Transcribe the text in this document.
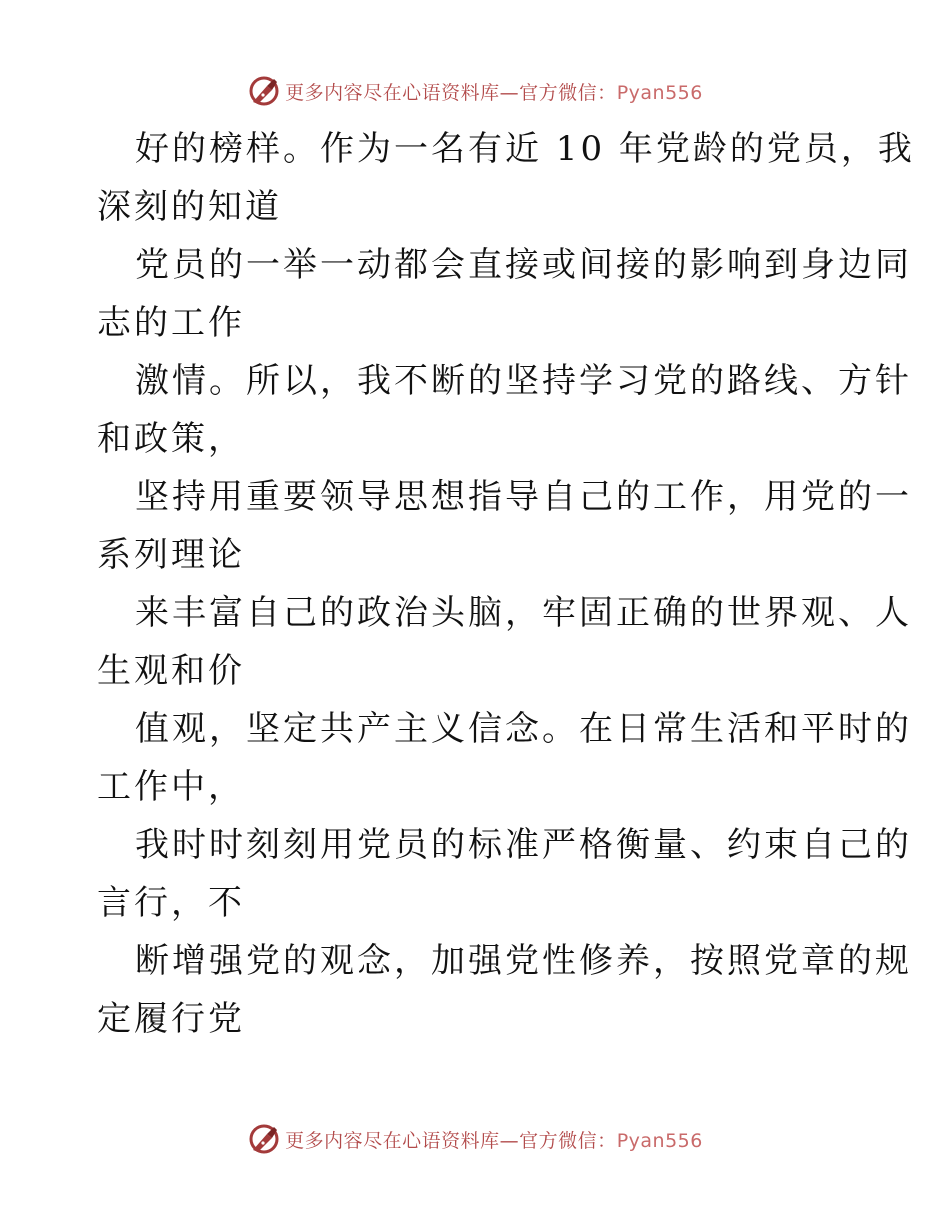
更多内容尽在心语资料库—官方微信：Pyan556
好的榜样。作为一名有近 10 年党龄的党员，我
深刻的知道
党员的一举一动都会直接或间接的影响到身边同
志的工作
激情。所以，我不断的坚持学习党的路线、方针
和政策，
坚持用重要领导思想指导自己的工作，用党的一
系列理论
来丰富自己的政治头脑，牢固正确的世界观、人
生观和价
值观，坚定共产主义信念。在日常生活和平时的
工作中，
我时时刻刻用党员的标准严格衡量、约束自己的
言行，不
断增强党的观念，加强党性修养，按照党章的规
定履行党
更多内容尽在心语资料库—官方微信：Pyan556
